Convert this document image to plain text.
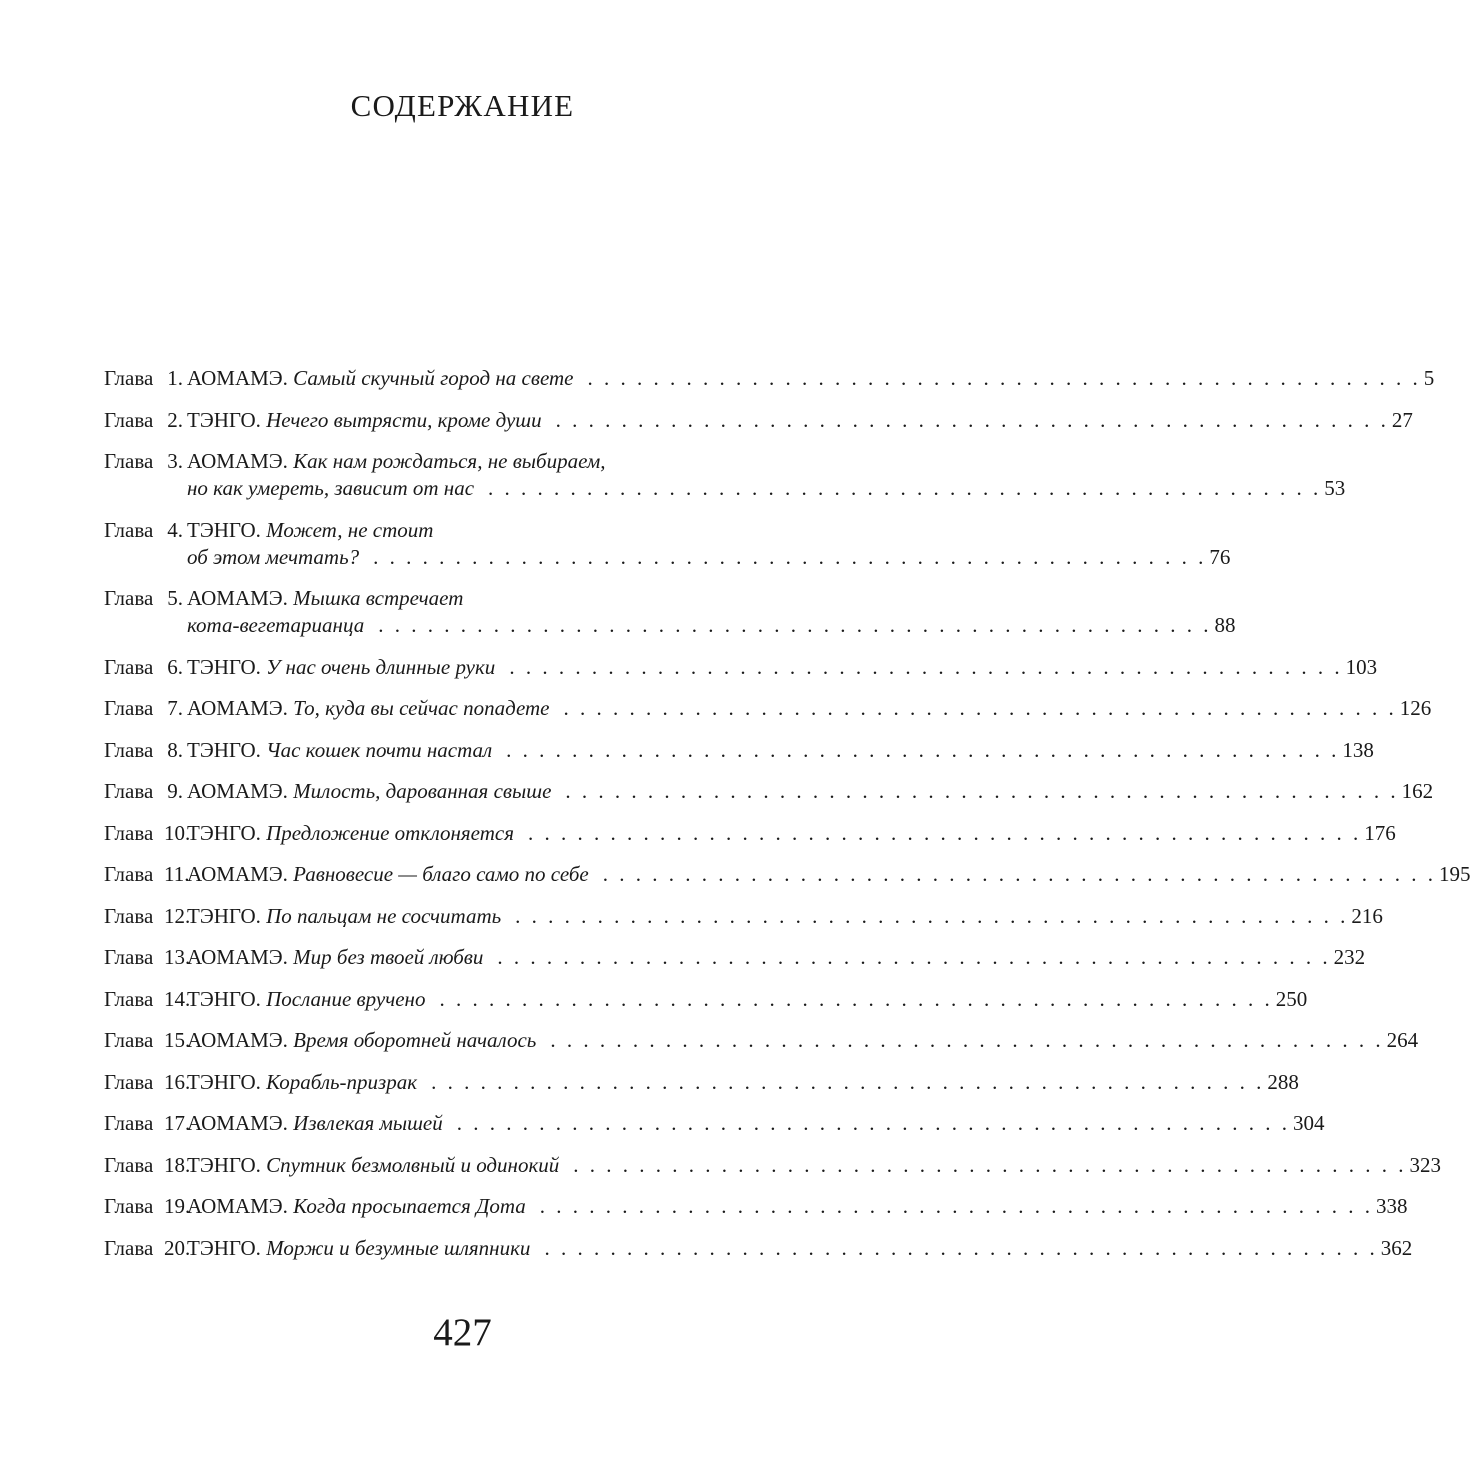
СОДЕРЖАНИЕ
Глава 1. АОМАМЭ.
Самый скучный город на свете . . . . . . . . . . . . . . . . . . . . . . . . . . . . . . . . . . . . . . . . . . . . . . . . . . . 5
Глава 2. ТЭНГО.
Нечего вытрясти, кроме души . . . . . . . . . . . . . . . . . . . . . . . . . . . . . . . . . . . . . . . . . . . . . . . . . . . 27
Глава 3. АОМАМЭ.
Как нам рождаться, не выбираем,
но как умереть, зависит от нас . . . . . . . . . . . . . . . . . . . . . . . . . . . . . . . . . . . . . . . . . . . . . . . . . . . 53
Глава 4. ТЭНГО.
Может, не стоит
об этом мечтать? . . . . . . . . . . . . . . . . . . . . . . . . . . . . . . . . . . . . . . . . . . . . . . . . . . . 76
Глава 5. АОМАМЭ.
Мышка встречает
кота-вегетарианца . . . . . . . . . . . . . . . . . . . . . . . . . . . . . . . . . . . . . . . . . . . . . . . . . . . 88
Глава 6. ТЭНГО.
У нас очень длинные руки . . . . . . . . . . . . . . . . . . . . . . . . . . . . . . . . . . . . . . . . . . . . . . . . . . . 103
Глава 7. АОМАМЭ.
То, куда вы сейчас попадете . . . . . . . . . . . . . . . . . . . . . . . . . . . . . . . . . . . . . . . . . . . . . . . . . . . 126
Глава 8. ТЭНГО.
Час кошек почти настал . . . . . . . . . . . . . . . . . . . . . . . . . . . . . . . . . . . . . . . . . . . . . . . . . . . 138
Глава 9. АОМАМЭ.
Милость, дарованная свыше . . . . . . . . . . . . . . . . . . . . . . . . . . . . . . . . . . . . . . . . . . . . . . . . . . . 162
Глава 10.
ТЭНГО.
Предложение отклоняется . . . . . . . . . . . . . . . . . . . . . . . . . . . . . . . . . . . . . . . . . . . . . . . . . . . 176
Глава 11.
АОМАМЭ.
Равновесие — благо само по себе . . . . . . . . . . . . . . . . . . . . . . . . . . . . . . . . . . . . . . . . . . . . . . . . . . . 195
Глава 12.
ТЭНГО.
По пальцам не сосчитать . . . . . . . . . . . . . . . . . . . . . . . . . . . . . . . . . . . . . . . . . . . . . . . . . . . 216
Глава 13.
АОМАМЭ.
Мир без твоей любви . . . . . . . . . . . . . . . . . . . . . . . . . . . . . . . . . . . . . . . . . . . . . . . . . . . 232
Глава 14.
ТЭНГО.
Послание вручено . . . . . . . . . . . . . . . . . . . . . . . . . . . . . . . . . . . . . . . . . . . . . . . . . . . 250
Глава 15.
АОМАМЭ.
Время оборотней началось . . . . . . . . . . . . . . . . . . . . . . . . . . . . . . . . . . . . . . . . . . . . . . . . . . . 264
Глава 16.
ТЭНГО.
Корабль-призрак . . . . . . . . . . . . . . . . . . . . . . . . . . . . . . . . . . . . . . . . . . . . . . . . . . . 288
Глава 17.
АОМАМЭ.
Извлекая мышей . . . . . . . . . . . . . . . . . . . . . . . . . . . . . . . . . . . . . . . . . . . . . . . . . . . 304
Глава 18.
ТЭНГО.
Спутник безмолвный и одинокий . . . . . . . . . . . . . . . . . . . . . . . . . . . . . . . . . . . . . . . . . . . . . . . . . . . 323
Глава 19.
АОМАМЭ.
Когда просыпается Дота . . . . . . . . . . . . . . . . . . . . . . . . . . . . . . . . . . . . . . . . . . . . . . . . . . . 338
Глава 20.
ТЭНГО.
Моржи и безумные шляпники . . . . . . . . . . . . . . . . . . . . . . . . . . . . . . . . . . . . . . . . . . . . . . . . . . . 362
427
